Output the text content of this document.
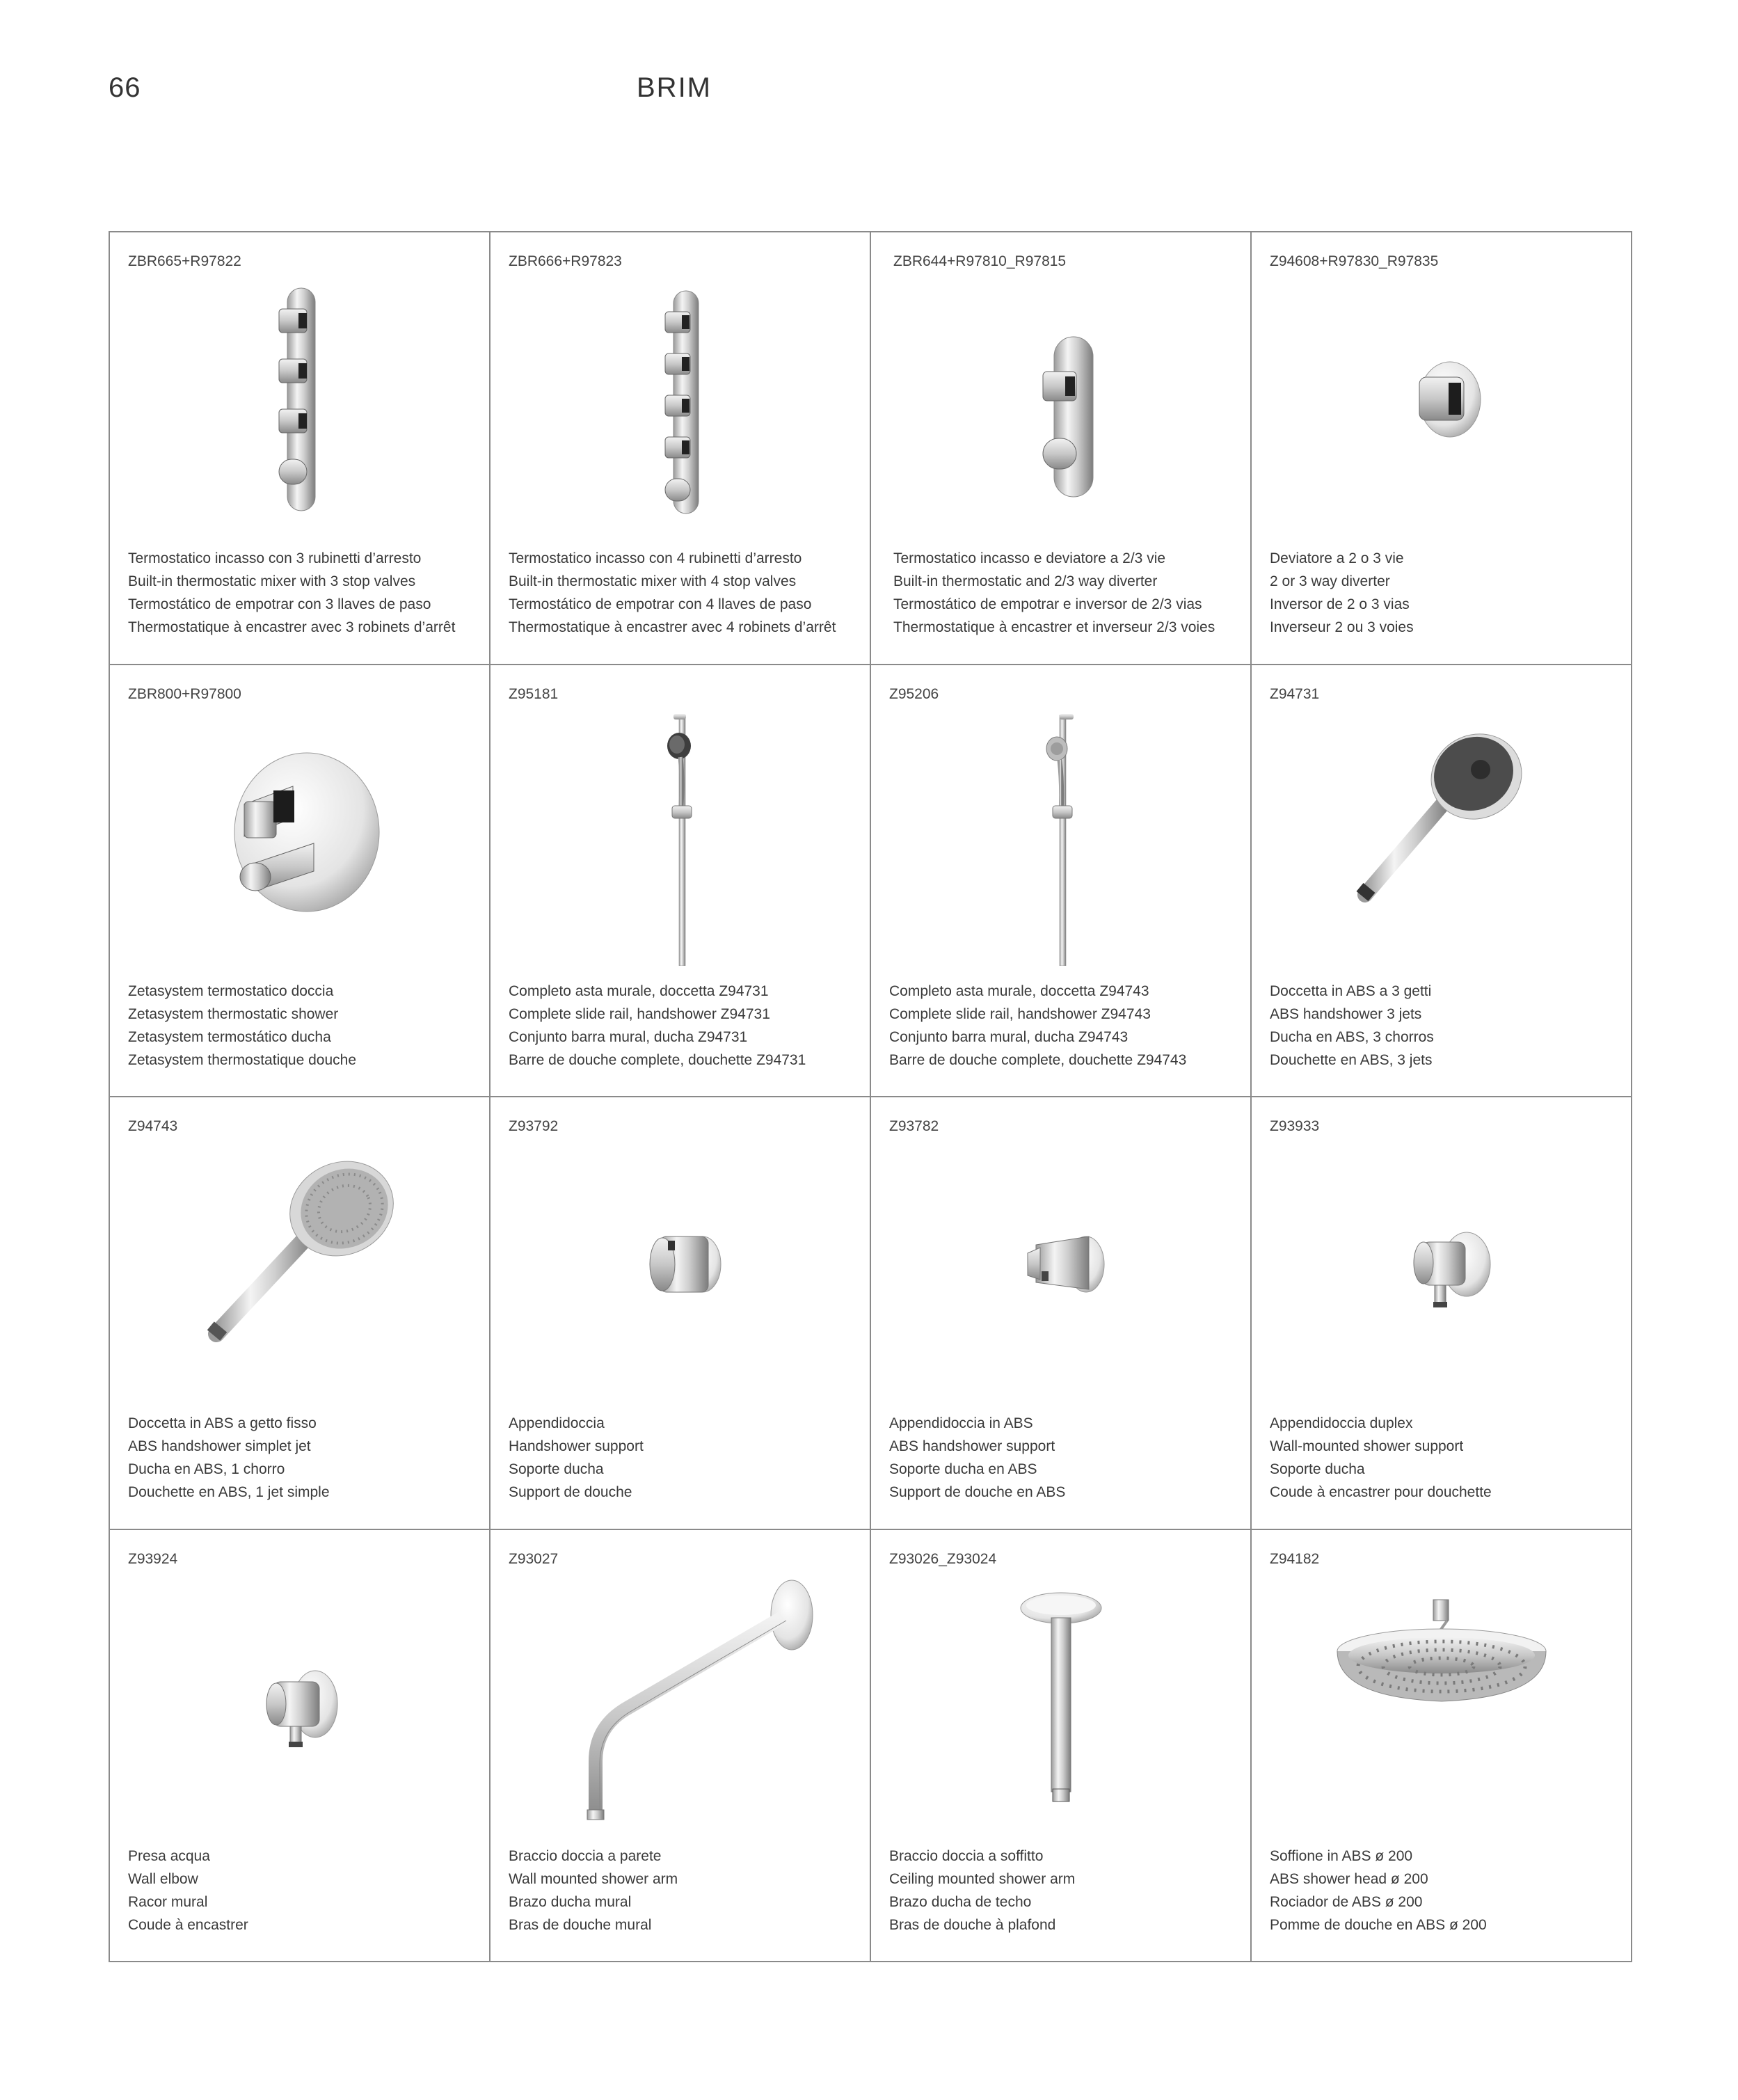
66	BRIM
ZBR665+R97822
Termostatico incasso con 3 rubinetti d’arresto
Built-in thermostatic mixer with 3 stop valves
Termostático de empotrar con 3 llaves de paso
Thermostatique à encastrer avec 3 robinets d’arrêt
ZBR666+R97823
Termostatico incasso con 4 rubinetti d’arresto
Built-in thermostatic mixer with 4 stop valves
Termostático de empotrar con 4 llaves de paso
Thermostatique à encastrer avec 4 robinets d’arrêt
ZBR644+R97810_R97815
Termostatico incasso e deviatore a 2/3 vie
Built-in thermostatic and 2/3 way diverter
Termostático de empotrar e inversor de 2/3 vias
Thermostatique à encastrer et inverseur 2/3 voies
Z94608+R97830_R97835
Deviatore a 2 o 3 vie
2 or 3 way diverter
Inversor de 2 o 3 vias
Inverseur 2 ou 3 voies
ZBR800+R97800
Zetasystem termostatico doccia
Zetasystem thermostatic shower
Zetasystem termostático ducha
Zetasystem thermostatique douche
Z95181
Completo asta murale, doccetta Z94731
Complete slide rail, handshower Z94731
Conjunto barra mural, ducha Z94731
Barre de douche complete, douchette Z94731
Z95206
Completo asta murale, doccetta Z94743
Complete slide rail, handshower Z94743
Conjunto barra mural, ducha Z94743
Barre de douche complete, douchette Z94743
Z94731
Doccetta in ABS a 3 getti
ABS handshower 3 jets
Ducha en ABS, 3 chorros
Douchette en ABS, 3 jets
Z94743
Doccetta in ABS a getto fisso
ABS handshower simplet jet
Ducha en ABS, 1 chorro
Douchette en ABS, 1 jet simple
Z93792
Appendidoccia
Handshower support
Soporte ducha
Support de douche
Z93782
Appendidoccia in ABS
ABS handshower support
Soporte ducha en ABS
Support de douche en ABS
Z93933
Appendidoccia duplex
Wall-mounted shower support
Soporte ducha
Coude à encastrer pour douchette
Z93924
Presa acqua
Wall elbow
Racor mural
Coude à encastrer
Z93027
Braccio doccia a parete
Wall mounted shower arm
Brazo ducha mural
Bras de douche mural
Z93026_Z93024
Braccio doccia a soffitto
Ceiling mounted shower arm
Brazo ducha de techo
Bras de douche à plafond
Z94182
Soffione in ABS ø 200
ABS shower head ø 200
Rociador de ABS ø 200
Pomme de douche en ABS ø 200
